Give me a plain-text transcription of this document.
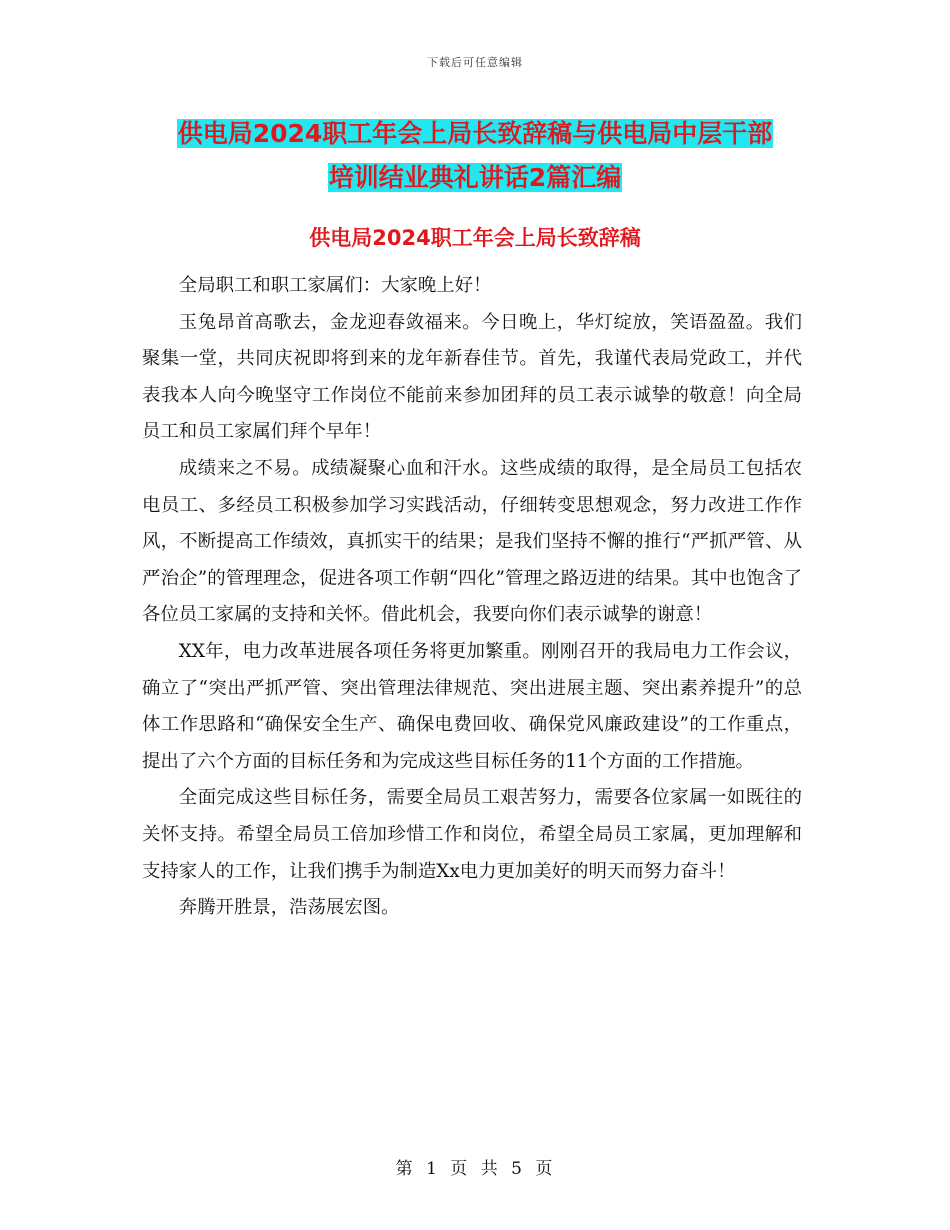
下载后可任意编辑
供电局2024职工年会上局长致辞稿与供电局中层干部
培训结业典礼讲话2篇汇编
供电局2024职工年会上局长致辞稿

全局职工和职工家属们：大家晚上好！

玉兔昂首高歌去，金龙迎春敛福来。今日晚上，华灯绽放，笑语盈盈。我们聚集一堂，共同庆祝即将到来的龙年新春佳节。首先，我谨代表局党政工，并代表我本人向今晚坚守工作岗位不能前来参加团拜的员工表示诚挚的敬意！向全局员工和员工家属们拜个早年！

成绩来之不易。成绩凝聚心血和汗水。这些成绩的取得，是全局员工包括农电员工、多经员工积极参加学习实践活动，仔细转变思想观念，努力改进工作作风，不断提高工作绩效，真抓实干的结果；是我们坚持不懈的推行“严抓严管、从严治企”的管理理念，促进各项工作朝“四化”管理之路迈进的结果。其中也饱含了各位员工家属的支持和关怀。借此机会，我要向你们表示诚挚的谢意！

XX年，电力改革进展各项任务将更加繁重。刚刚召开的我局电力工作会议，确立了“突出严抓严管、突出管理法律规范、突出进展主题、突出素养提升”的总体工作思路和“确保安全生产、确保电费回收、确保党风廉政建设”的工作重点，提出了六个方面的目标任务和为完成这些目标任务的11个方面的工作措施。

全面完成这些目标任务，需要全局员工艰苦努力，需要各位家属一如既往的关怀支持。希望全局员工倍加珍惜工作和岗位，希望全局员工家属，更加理解和支持家人的工作，让我们携手为制造Xx电力更加美好的明天而努力奋斗！

奔腾开胜景，浩荡展宏图。

第 1 页 共 5 页
